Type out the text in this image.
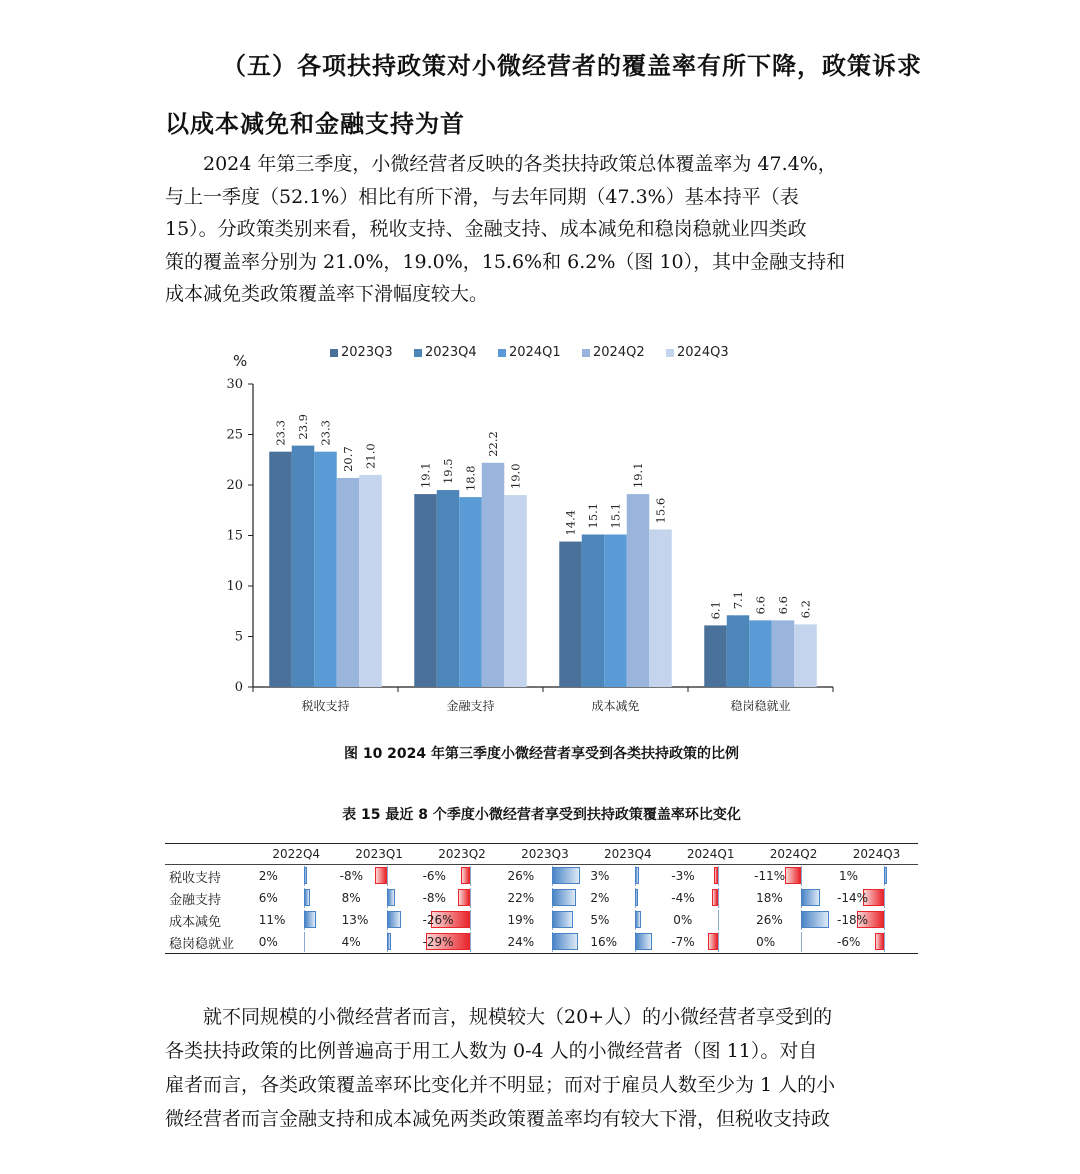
（五）各项扶持政策对小微经营者的覆盖率有所下降，政策诉求
以成本减免和金融支持为首
2024 年第三季度，小微经营者反映的各类扶持政策总体覆盖率为 47.4%，
与上一季度（52.1%）相比有所下滑，与去年同期（47.3%）基本持平（表
15）。分政策类别来看，税收支持、金融支持、成本减免和稳岗稳就业四类政
策的覆盖率分别为 21.0%，19.0%，15.6%和 6.2%（图 10），其中金融支持和
成本减免类政策覆盖率下滑幅度较大。
2023Q3	2023Q4	2024Q1	2024Q2	2024Q3
0
5
10
15
20
25
30
%
税收支持	金融支持	成本减免	稳岗稳就业
23.3
19.1
14.4
6.1
23.9
19.5
15.1
7.1
23.3
18.8
15.1
6.6
20.7
22.2
19.1
6.6
21.0
19.0
15.6
6.2
图 10 2024 年第三季度小微经营者享受到各类扶持政策的比例
表 15 最近 8 个季度小微经营者享受到扶持政策覆盖率环比变化
	2022Q4	2023Q1	2023Q2	2023Q3	2023Q4	2024Q1	2024Q2	2024Q3
税收支持	2%	-8%	-6%	26%	3%	-3%	-11%	1%

金融支持	6%	8%	-8%	22%	2%	-4%	18%	-14%

成本减免	11%	13%	-26%	19%	5%	0%	26%	-18%

稳岗稳就业	0%	4%	-29%	24%	16%	-7%	0%	-6%
就不同规模的小微经营者而言，规模较大（20+人）的小微经营者享受到的
各类扶持政策的比例普遍高于用工人数为 0-4 人的小微经营者（图 11）。对自
雇者而言，各类政策覆盖率环比变化并不明显；而对于雇员人数至少为 1 人的小
微经营者而言金融支持和成本减免两类政策覆盖率均有较大下滑，但税收支持政
